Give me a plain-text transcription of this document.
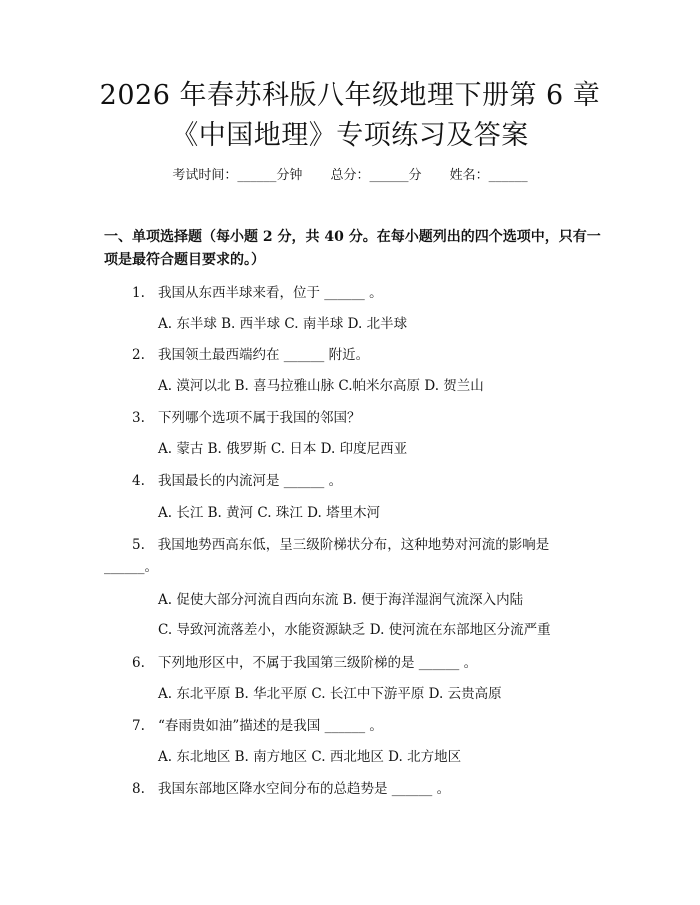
2026 年春苏科版八年级地理下册第 6 章《中国地理》专项练习及答案
考试时间：______分钟 总分：______分 姓名：______

一、单项选择题（每小题 2 分，共 40 分。在每小题列出的四个选项中，只有一项是最符合题目要求的。）

1. 我国从东西半球来看，位于 ______ 。
A. 东半球 B. 西半球 C. 南半球 D. 北半球
2. 我国领土最西端约在 ______ 附近。
A. 漠河以北 B. 喜马拉雅山脉 C.帕米尔高原 D. 贺兰山
3. 下列哪个选项不属于我国的邻国？
A. 蒙古 B. 俄罗斯 C. 日本 D. 印度尼西亚
4. 我国最长的内流河是 ______ 。
A. 长江 B. 黄河 C. 珠江 D. 塔里木河
5. 我国地势西高东低，呈三级阶梯状分布，这种地势对河流的影响是 ______。
A. 促使大部分河流自西向东流 B. 便于海洋湿润气流深入内陆
C. 导致河流落差小，水能资源缺乏 D. 使河流在东部地区分流严重
6. 下列地形区中，不属于我国第三级阶梯的是 ______ 。
A. 东北平原 B. 华北平原 C. 长江中下游平原 D. 云贵高原
7. “春雨贵如油”描述的是我国 ______ 。
A. 东北地区 B. 南方地区 C. 西北地区 D. 北方地区
8. 我国东部地区降水空间分布的总趋势是 ______ 。
